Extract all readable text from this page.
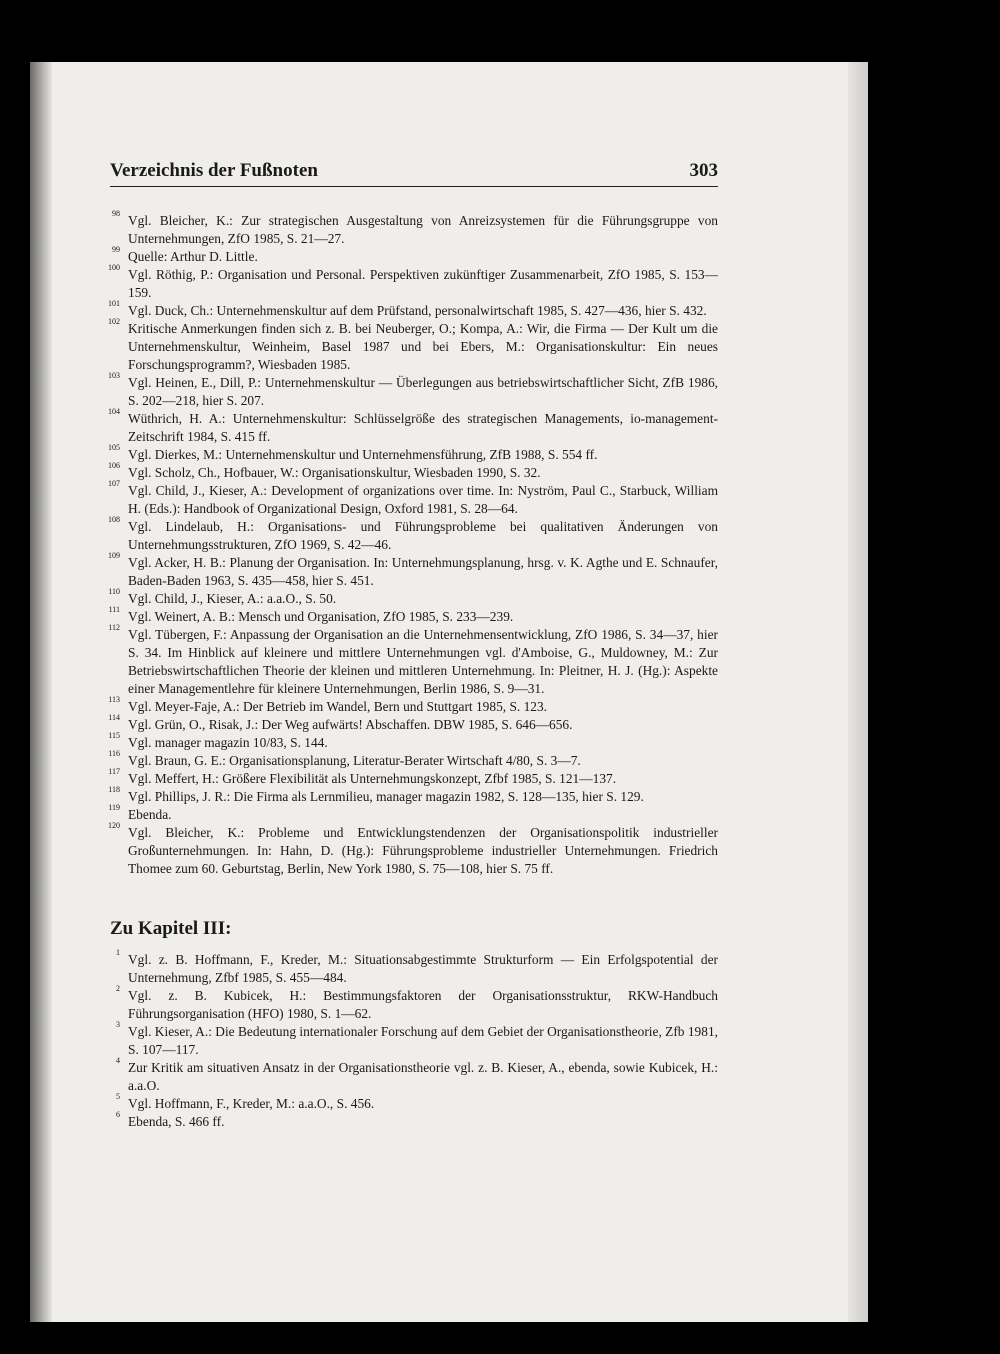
Verzeichnis der Fußnoten	303
98 Vgl. Bleicher, K.: Zur strategischen Ausgestaltung von Anreizsystemen für die Führungsgruppe von Unternehmungen, ZfO 1985, S. 21—27.
99 Quelle: Arthur D. Little.
100 Vgl. Röthig, P.: Organisation und Personal. Perspektiven zukünftiger Zusammenarbeit, ZfO 1985, S. 153—159.
101 Vgl. Duck, Ch.: Unternehmenskultur auf dem Prüfstand, personalwirtschaft 1985, S. 427—436, hier S. 432.
102 Kritische Anmerkungen finden sich z. B. bei Neuberger, O.; Kompa, A.: Wir, die Firma — Der Kult um die Unternehmenskultur, Weinheim, Basel 1987 und bei Ebers, M.: Organisationskultur: Ein neues Forschungsprogramm?, Wiesbaden 1985.
103 Vgl. Heinen, E., Dill, P.: Unternehmenskultur — Überlegungen aus betriebswirtschaftlicher Sicht, ZfB 1986, S. 202—218, hier S. 207.
104 Wüthrich, H. A.: Unternehmenskultur: Schlüsselgröße des strategischen Managements, io-management-Zeitschrift 1984, S. 415 ff.
105 Vgl. Dierkes, M.: Unternehmenskultur und Unternehmensführung, ZfB 1988, S. 554 ff.
106 Vgl. Scholz, Ch., Hofbauer, W.: Organisationskultur, Wiesbaden 1990, S. 32.
107 Vgl. Child, J., Kieser, A.: Development of organizations over time. In: Nyström, Paul C., Starbuck, William H. (Eds.): Handbook of Organizational Design, Oxford 1981, S. 28—64.
108 Vgl. Lindelaub, H.: Organisations- und Führungsprobleme bei qualitativen Änderungen von Unternehmungsstrukturen, ZfO 1969, S. 42—46.
109 Vgl. Acker, H. B.: Planung der Organisation. In: Unternehmungsplanung, hrsg. v. K. Agthe und E. Schnaufer, Baden-Baden 1963, S. 435—458, hier S. 451.
110 Vgl. Child, J., Kieser, A.: a.a.O., S. 50.
111 Vgl. Weinert, A. B.: Mensch und Organisation, ZfO 1985, S. 233—239.
112 Vgl. Tübergen, F.: Anpassung der Organisation an die Unternehmensentwicklung, ZfO 1986, S. 34—37, hier S. 34. Im Hinblick auf kleinere und mittlere Unternehmungen vgl. d'Amboise, G., Muldowney, M.: Zur Betriebswirtschaftlichen Theorie der kleinen und mittleren Unternehmung. In: Pleitner, H. J. (Hg.): Aspekte einer Managementlehre für kleinere Unternehmungen, Berlin 1986, S. 9—31.
113 Vgl. Meyer-Faje, A.: Der Betrieb im Wandel, Bern und Stuttgart 1985, S. 123.
114 Vgl. Grün, O., Risak, J.: Der Weg aufwärts! Abschaffen. DBW 1985, S. 646—656.
115 Vgl. manager magazin 10/83, S. 144.
116 Vgl. Braun, G. E.: Organisationsplanung, Literatur-Berater Wirtschaft 4/80, S. 3—7.
117 Vgl. Meffert, H.: Größere Flexibilität als Unternehmungskonzept, Zfbf 1985, S. 121—137.
118 Vgl. Phillips, J. R.: Die Firma als Lernmilieu, manager magazin 1982, S. 128—135, hier S. 129.
119 Ebenda.
120 Vgl. Bleicher, K.: Probleme und Entwicklungstendenzen der Organisationspolitik industrieller Großunternehmungen. In: Hahn, D. (Hg.): Führungsprobleme industrieller Unternehmungen. Friedrich Thomee zum 60. Geburtstag, Berlin, New York 1980, S. 75—108, hier S. 75 ff.
Zu Kapitel III:
1 Vgl. z. B. Hoffmann, F., Kreder, M.: Situationsabgestimmte Strukturform — Ein Erfolgspotential der Unternehmung, Zfbf 1985, S. 455—484.
2 Vgl. z. B. Kubicek, H.: Bestimmungsfaktoren der Organisationsstruktur, RKW-Handbuch Führungsorganisation (HFO) 1980, S. 1—62.
3 Vgl. Kieser, A.: Die Bedeutung internationaler Forschung auf dem Gebiet der Organisationstheorie, Zfb 1981, S. 107—117.
4 Zur Kritik am situativen Ansatz in der Organisationstheorie vgl. z. B. Kieser, A., ebenda, sowie Kubicek, H.: a.a.O.
5 Vgl. Hoffmann, F., Kreder, M.: a.a.O., S. 456.
6 Ebenda, S. 466 ff.
